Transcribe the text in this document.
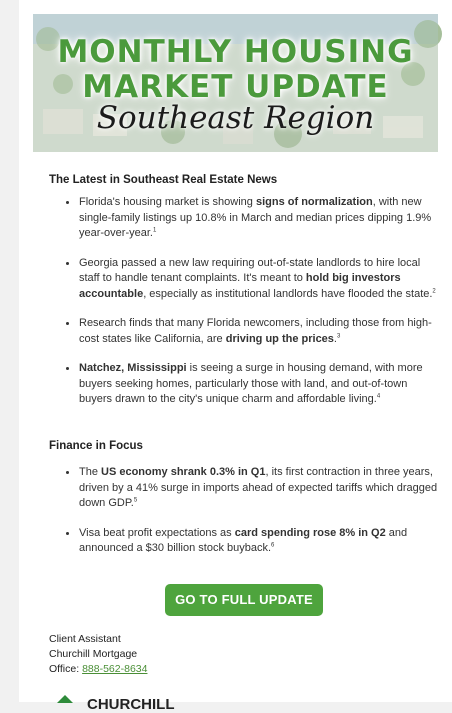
MONTHLY HOUSING
MARKET UPDATE
Southeast Region
The Latest in Southeast Real Estate News
Florida's housing market is showing signs of normalization, with new single-family listings up 10.8% in March and median prices dipping 1.9% year-over-year.$^1$
Georgia passed a new law requiring out-of-state landlords to hire local staff to handle tenant complaints. It's meant to hold big investors accountable, especially as institutional landlords have flooded the state.$^2$
Research finds that many Florida newcomers, including those from high-cost states like California, are driving up the prices.$^3$
Natchez, Mississippi is seeing a surge in housing demand, with more buyers seeking homes, particularly those with land, and out-of-town buyers drawn to the city's unique charm and affordable living.$^4$
Finance in Focus
The US economy shrank 0.3% in Q1, its first contraction in three years, driven by a 41% surge in imports ahead of expected tariffs which dragged down GDP.$^5$
Visa beat profit expectations as card spending rose 8% in Q2 and announced a $30 billion stock buyback.$^6$
GO TO FULL UPDATE
Client Assistant
Churchill Mortgage
Office: 888-562-8634
CHURCHILL
